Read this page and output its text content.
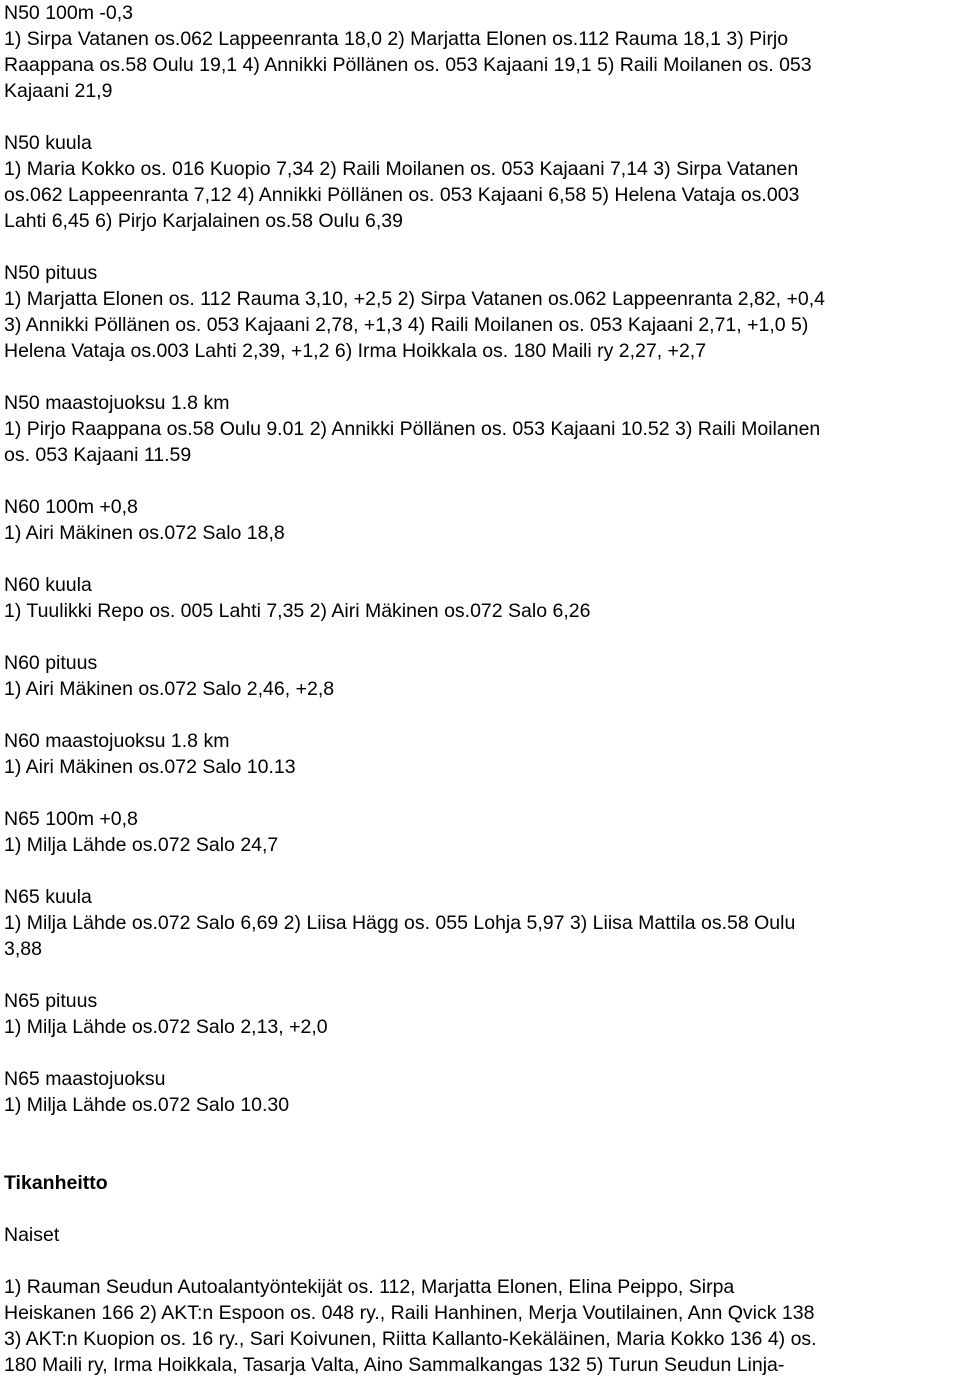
N50 100m -0,3
1) Sirpa Vatanen os.062 Lappeenranta 18,0 2) Marjatta Elonen os.112 Rauma 18,1 3) Pirjo
Raappana os.58 Oulu 19,1 4) Annikki Pöllänen os. 053 Kajaani 19,1 5) Raili Moilanen os. 053
Kajaani 21,9
N50 kuula
1) Maria Kokko os. 016 Kuopio 7,34 2) Raili Moilanen os. 053 Kajaani 7,14 3) Sirpa Vatanen
os.062 Lappeenranta 7,12 4) Annikki Pöllänen os. 053 Kajaani 6,58 5) Helena Vataja os.003
Lahti 6,45 6) Pirjo Karjalainen os.58 Oulu 6,39
N50 pituus
1) Marjatta Elonen os. 112 Rauma 3,10, +2,5 2) Sirpa Vatanen os.062 Lappeenranta 2,82, +0,4
3) Annikki Pöllänen os. 053 Kajaani 2,78, +1,3 4) Raili Moilanen os. 053 Kajaani 2,71, +1,0 5)
Helena Vataja os.003 Lahti 2,39, +1,2 6) Irma Hoikkala os. 180 Maili ry 2,27, +2,7
N50 maastojuoksu 1.8 km
1) Pirjo Raappana os.58 Oulu 9.01 2) Annikki Pöllänen os. 053 Kajaani 10.52 3) Raili Moilanen
os. 053 Kajaani 11.59
N60 100m +0,8
1) Airi Mäkinen os.072 Salo 18,8
N60 kuula
1) Tuulikki Repo os. 005 Lahti 7,35 2) Airi Mäkinen os.072 Salo 6,26
N60 pituus
1) Airi Mäkinen os.072 Salo 2,46, +2,8
N60 maastojuoksu 1.8 km
1) Airi Mäkinen os.072 Salo 10.13
N65 100m +0,8
1) Milja Lähde os.072 Salo 24,7
N65 kuula
1) Milja Lähde os.072 Salo 6,69 2) Liisa Hägg os. 055 Lohja 5,97 3) Liisa Mattila os.58 Oulu
3,88
N65 pituus
1) Milja Lähde os.072 Salo 2,13, +2,0
N65 maastojuoksu
1) Milja Lähde os.072 Salo 10.30
Tikanheitto
Naiset
1) Rauman Seudun Autoalantyöntekijät os. 112, Marjatta Elonen, Elina Peippo, Sirpa
Heiskanen 166 2) AKT:n Espoon os. 048 ry., Raili Hanhinen, Merja Voutilainen, Ann Qvick 138
3) AKT:n Kuopion os. 16 ry., Sari Koivunen, Riitta Kallanto-Kekäläinen, Maria Kokko 136 4) os.
180 Maili ry, Irma Hoikkala, Tasarja Valta, Aino Sammalkangas 132 5) Turun Seudun Linja-
